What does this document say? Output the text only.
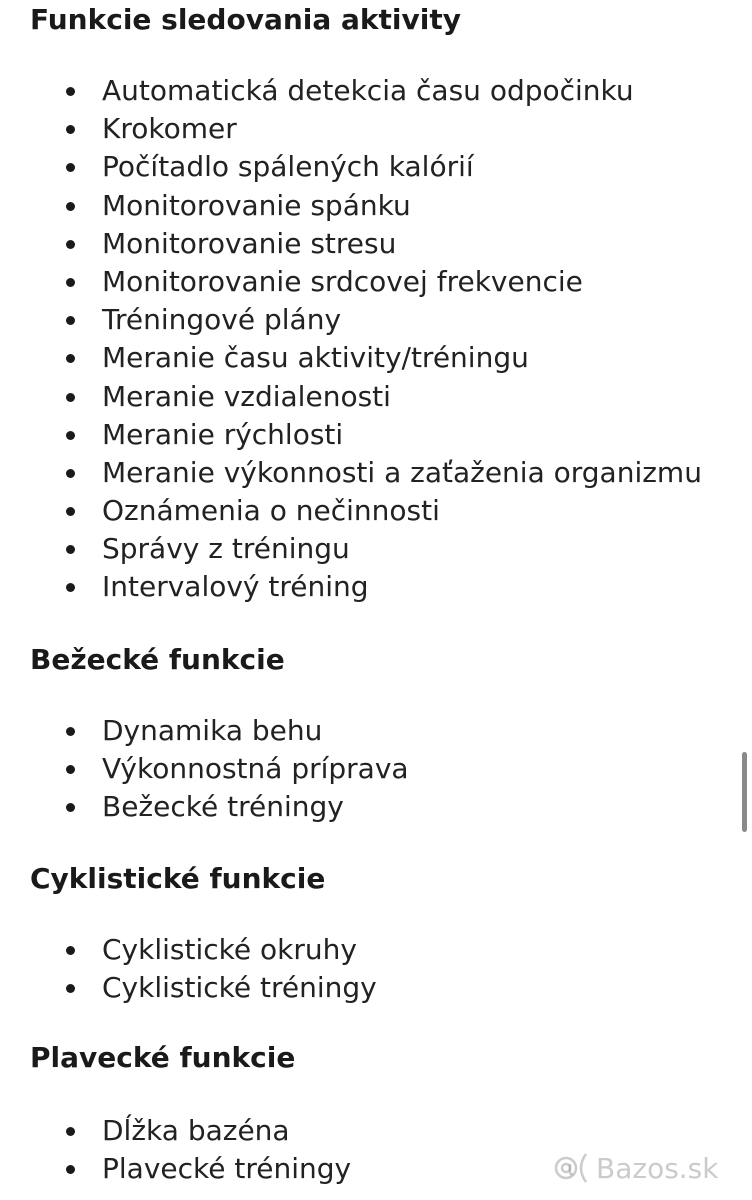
Funkcie sledovania aktivity
Automatická detekcia času odpočinku
Krokomer
Počítadlo spálených kalórií
Monitorovanie spánku
Monitorovanie stresu
Monitorovanie srdcovej frekvencie
Tréningové plány
Meranie času aktivity/tréningu
Meranie vzdialenosti
Meranie rýchlosti
Meranie výkonnosti a zaťaženia organizmu
Oznámenia o nečinnosti
Správy z tréningu
Intervalový tréning
Bežecké funkcie
Dynamika behu
Výkonnostná príprava
Bežecké tréningy
Cyklistické funkcie
Cyklistické okruhy
Cyklistické tréningy
Plavecké funkcie
Dĺžka bazéna
Plavecké tréningy	Bazos.sk
